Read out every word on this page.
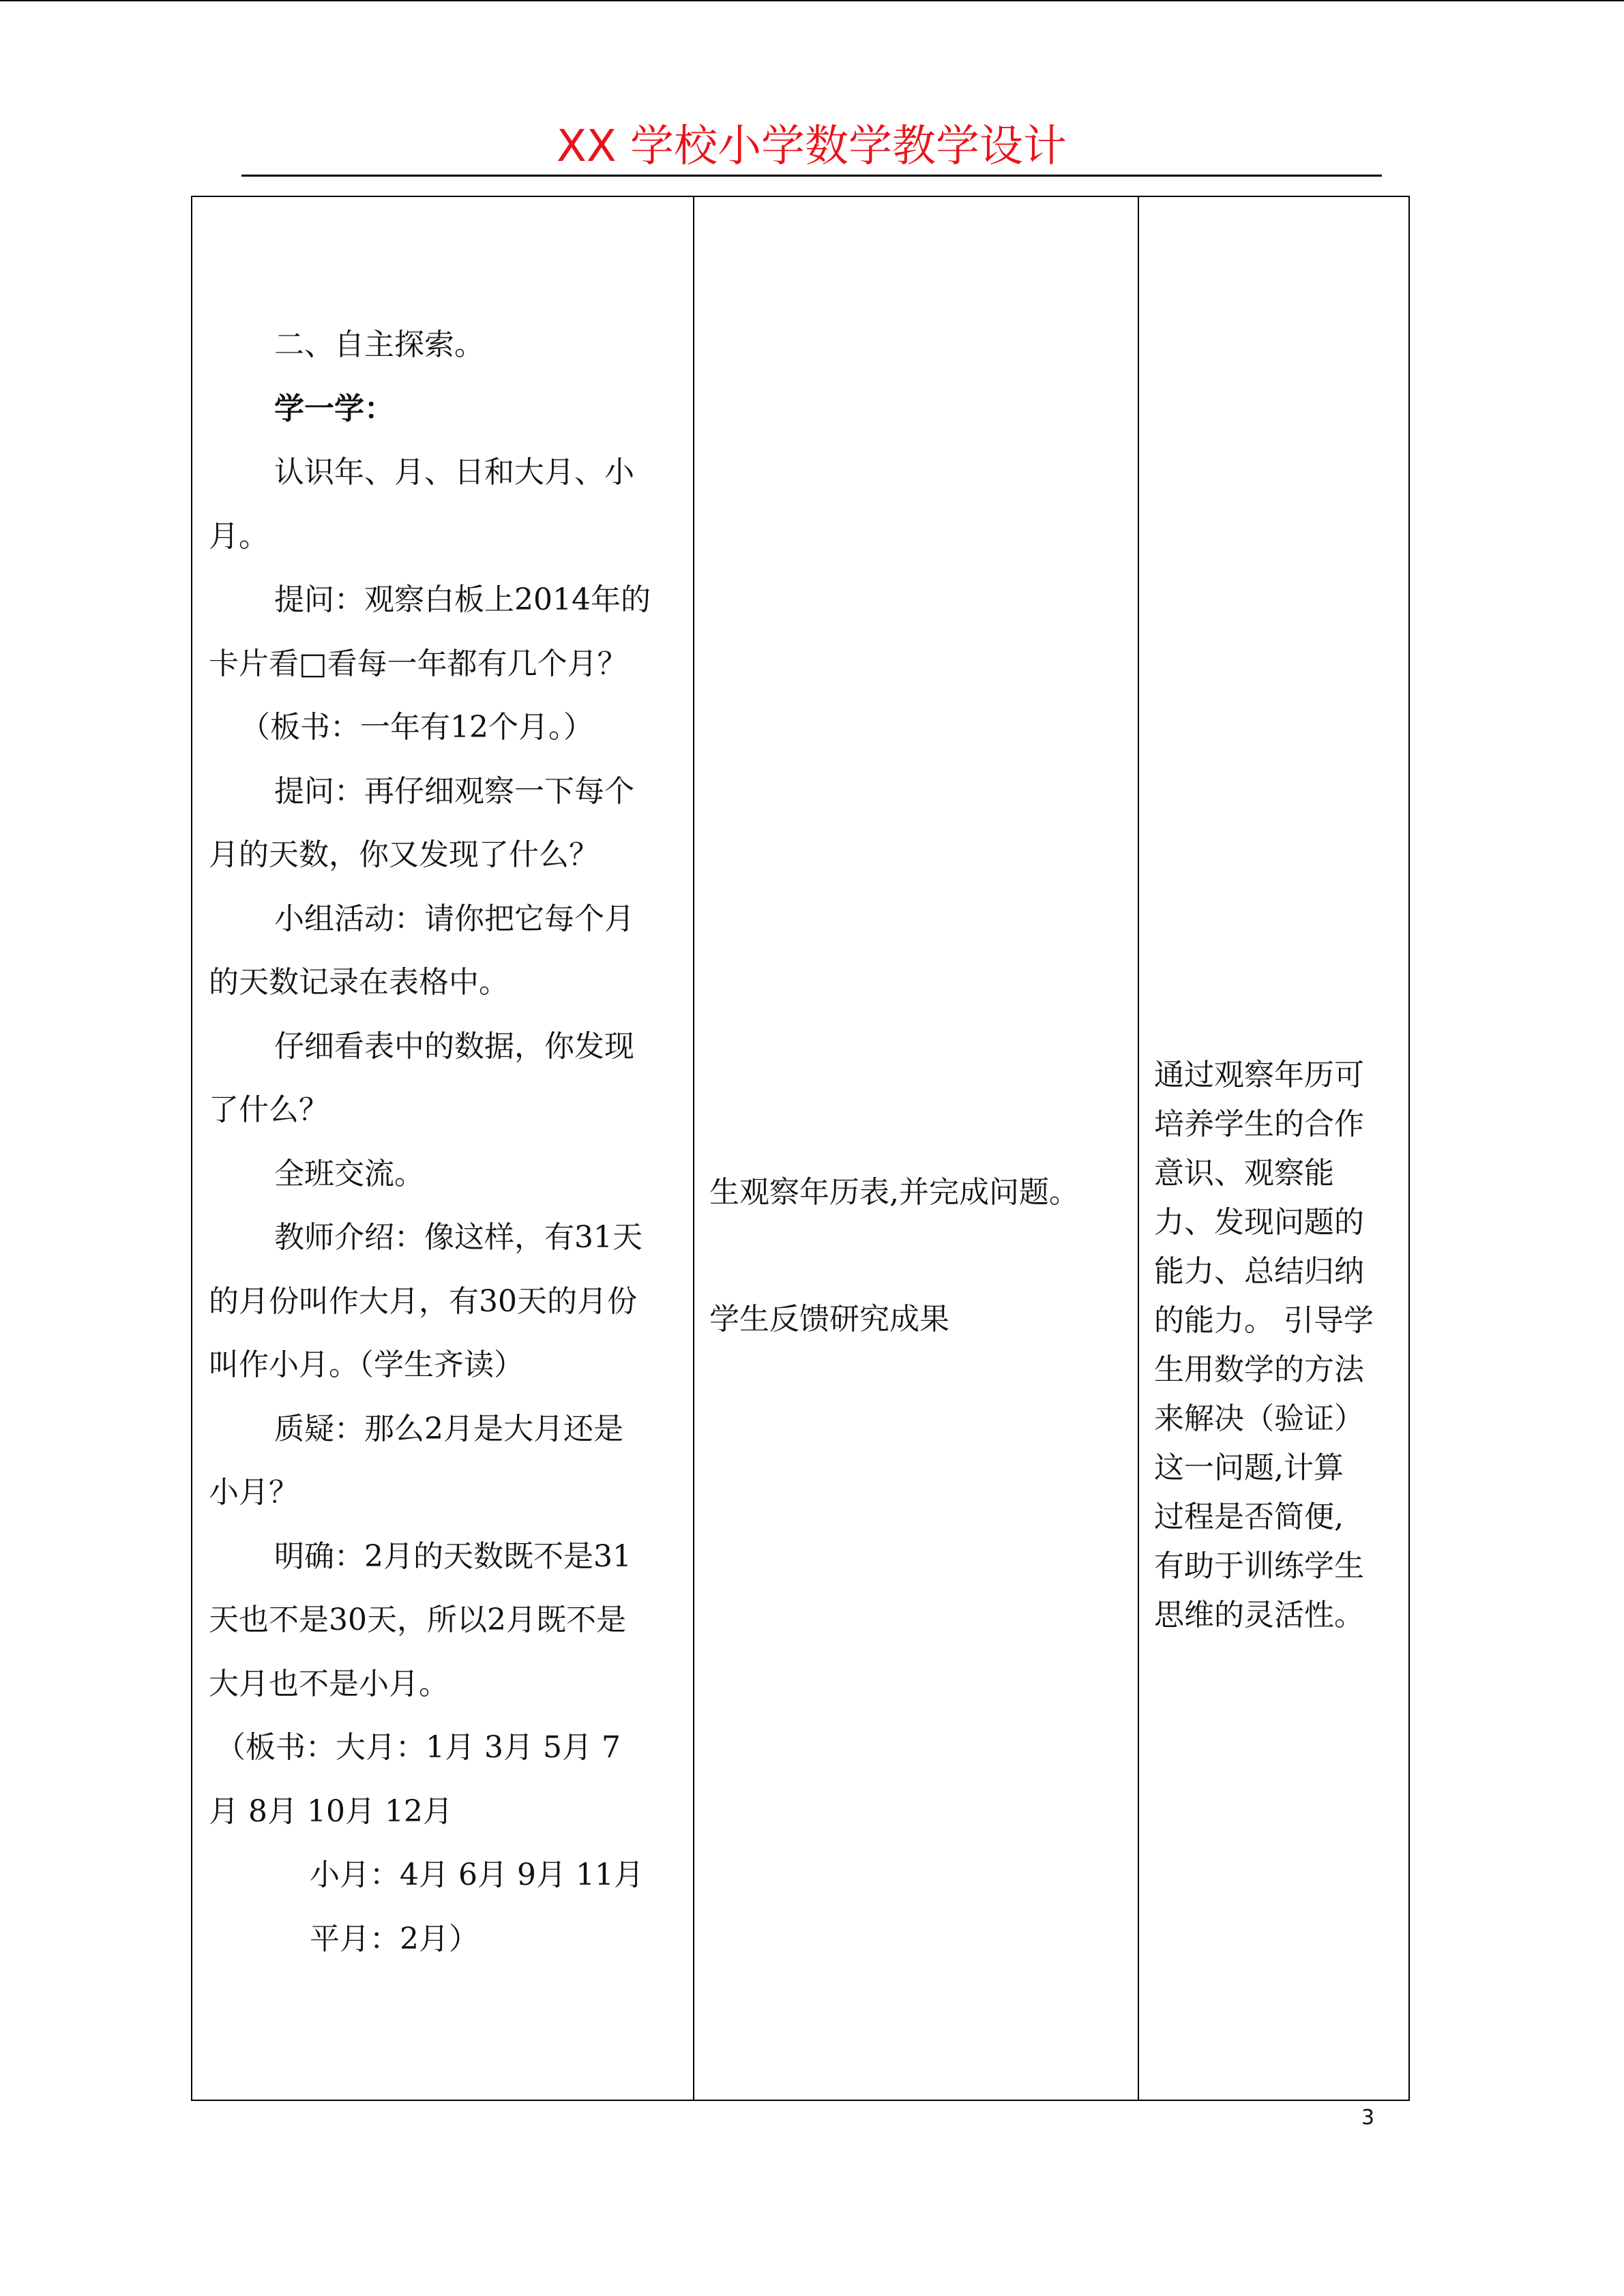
XX 学校小学数学教学设计
二、自主探索。
学一学：
认识年、月、日和大月、小
月。
提问：观察白板上2014年的
卡片看□看每一年都有几个月？
（板书：一年有12个月。）
提问：再仔细观察一下每个
月的天数，你又发现了什么？
小组活动：请你把它每个月
的天数记录在表格中。
仔细看表中的数据，你发现
了什么？
全班交流。
教师介绍：像这样，有31天
的月份叫作大月，有30天的月份
叫作小月。（学生齐读）
质疑：那么2月是大月还是
小月？
明确：2月的天数既不是31
天也不是30天，所以2月既不是
大月也不是小月。
（板书：大月：1月 3月 5月 7
月 8月 10月 12月
小月：4月 6月 9月 11月
平月：2月）
生观察年历表,并完成问题。
学生反馈研究成果
通过观察年历可
培养学生的合作
意识、观察能
力、发现问题的
能力、总结归纳
的能力。 引导学
生用数学的方法
来解决（验证）
这一问题,计算
过程是否简便,
有助于训练学生
思维的灵活性。
3
